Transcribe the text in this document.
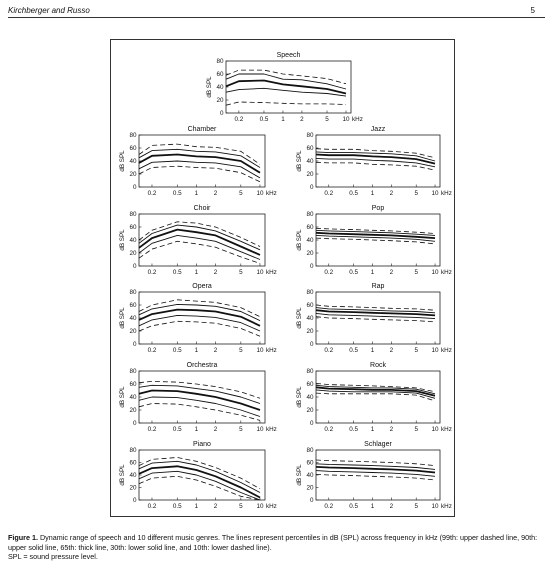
Kirchberger and Russo	5
Speech
0
20
40
60
80
0.2	0.5 1 2	5 10 kHz
dB SPL
Chamber
0
20
40
60
80
0.2	0.5 1 2	5 10 kHz
dB SPL
Jazz
0
20
40
60
80
0.2	0.5 1 2	5 10 kHz
dB SPL
Choir
0
20
40
60
80
0.2	0.5 1 2	5 10 kHz
dB SPL
Pop
0
20
40
60
80
0.2	0.5 1 2	5 10 kHz
dB SPL
Opera
0
20
40
60
80
0.2	0.5 1 2	5 10 kHz
dB SPL
Rap
0
20
40
60
80
0.2	0.5 1 2	5 10 kHz
dB SPL
Orchestra
0
20
40
60
80
0.2	0.5 1 2	5 10 kHz
dB SPL
Rock
0
20
40
60
80
0.2	0.5 1 2	5 10 kHz
dB SPL
Piano
0
20
40
60
80
0.2	0.5 1 2	5 10 kHz
dB SPL
Schlager
0
20
40
60
80
0.2	0.5 1 2	5 10 kHz
dB SPL
Figure 1. Dynamic range of speech and 10 different music genres. The lines represent percentiles in dB (SPL) across frequency in kHz (99th: upper dashed line, 90th: upper solid line, 65th: thick line, 30th: lower solid line, and 10th: lower dashed line).
SPL = sound pressure level.
